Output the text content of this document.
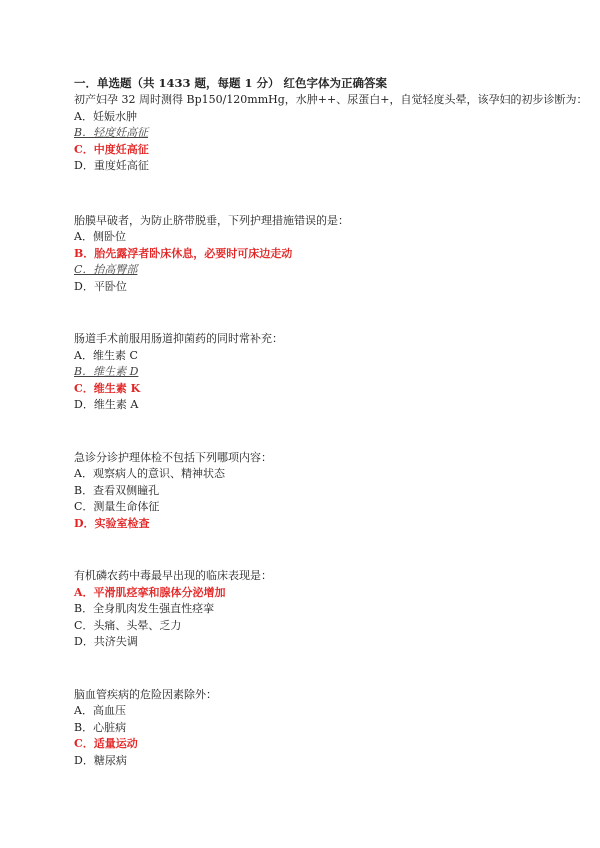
一．单选题（共 1433 题，每题 1 分） 红色字体为正确答案
初产妇孕 32 周时测得 Bp150/120mmHg，水肿++、尿蛋白+，自觉轻度头晕，该孕妇的初步诊断为：
A．妊娠水肿
B．轻度妊高征
C．中度妊高征
D．重度妊高征
胎膜早破者，为防止脐带脱垂，下列护理措施错误的是：
A．侧卧位
B．胎先露浮者卧床休息，必要时可床边走动
C．抬高臀部
D．平卧位
肠道手术前服用肠道抑菌药的同时常补充：
A．维生素 C
B．维生素 D
C．维生素 K
D．维生素 A
急诊分诊护理体检不包括下列哪项内容：
A．观察病人的意识、精神状态
B．查看双侧瞳孔
C．测量生命体征
D．实验室检查
有机磷农药中毒最早出现的临床表现是：
A．平滑肌痉挛和腺体分泌增加
B．全身肌肉发生强直性痉挛
C．头痛、头晕、乏力
D．共济失调
脑血管疾病的危险因素除外：
A．高血压
B．心脏病
C．适量运动
D．糖尿病
